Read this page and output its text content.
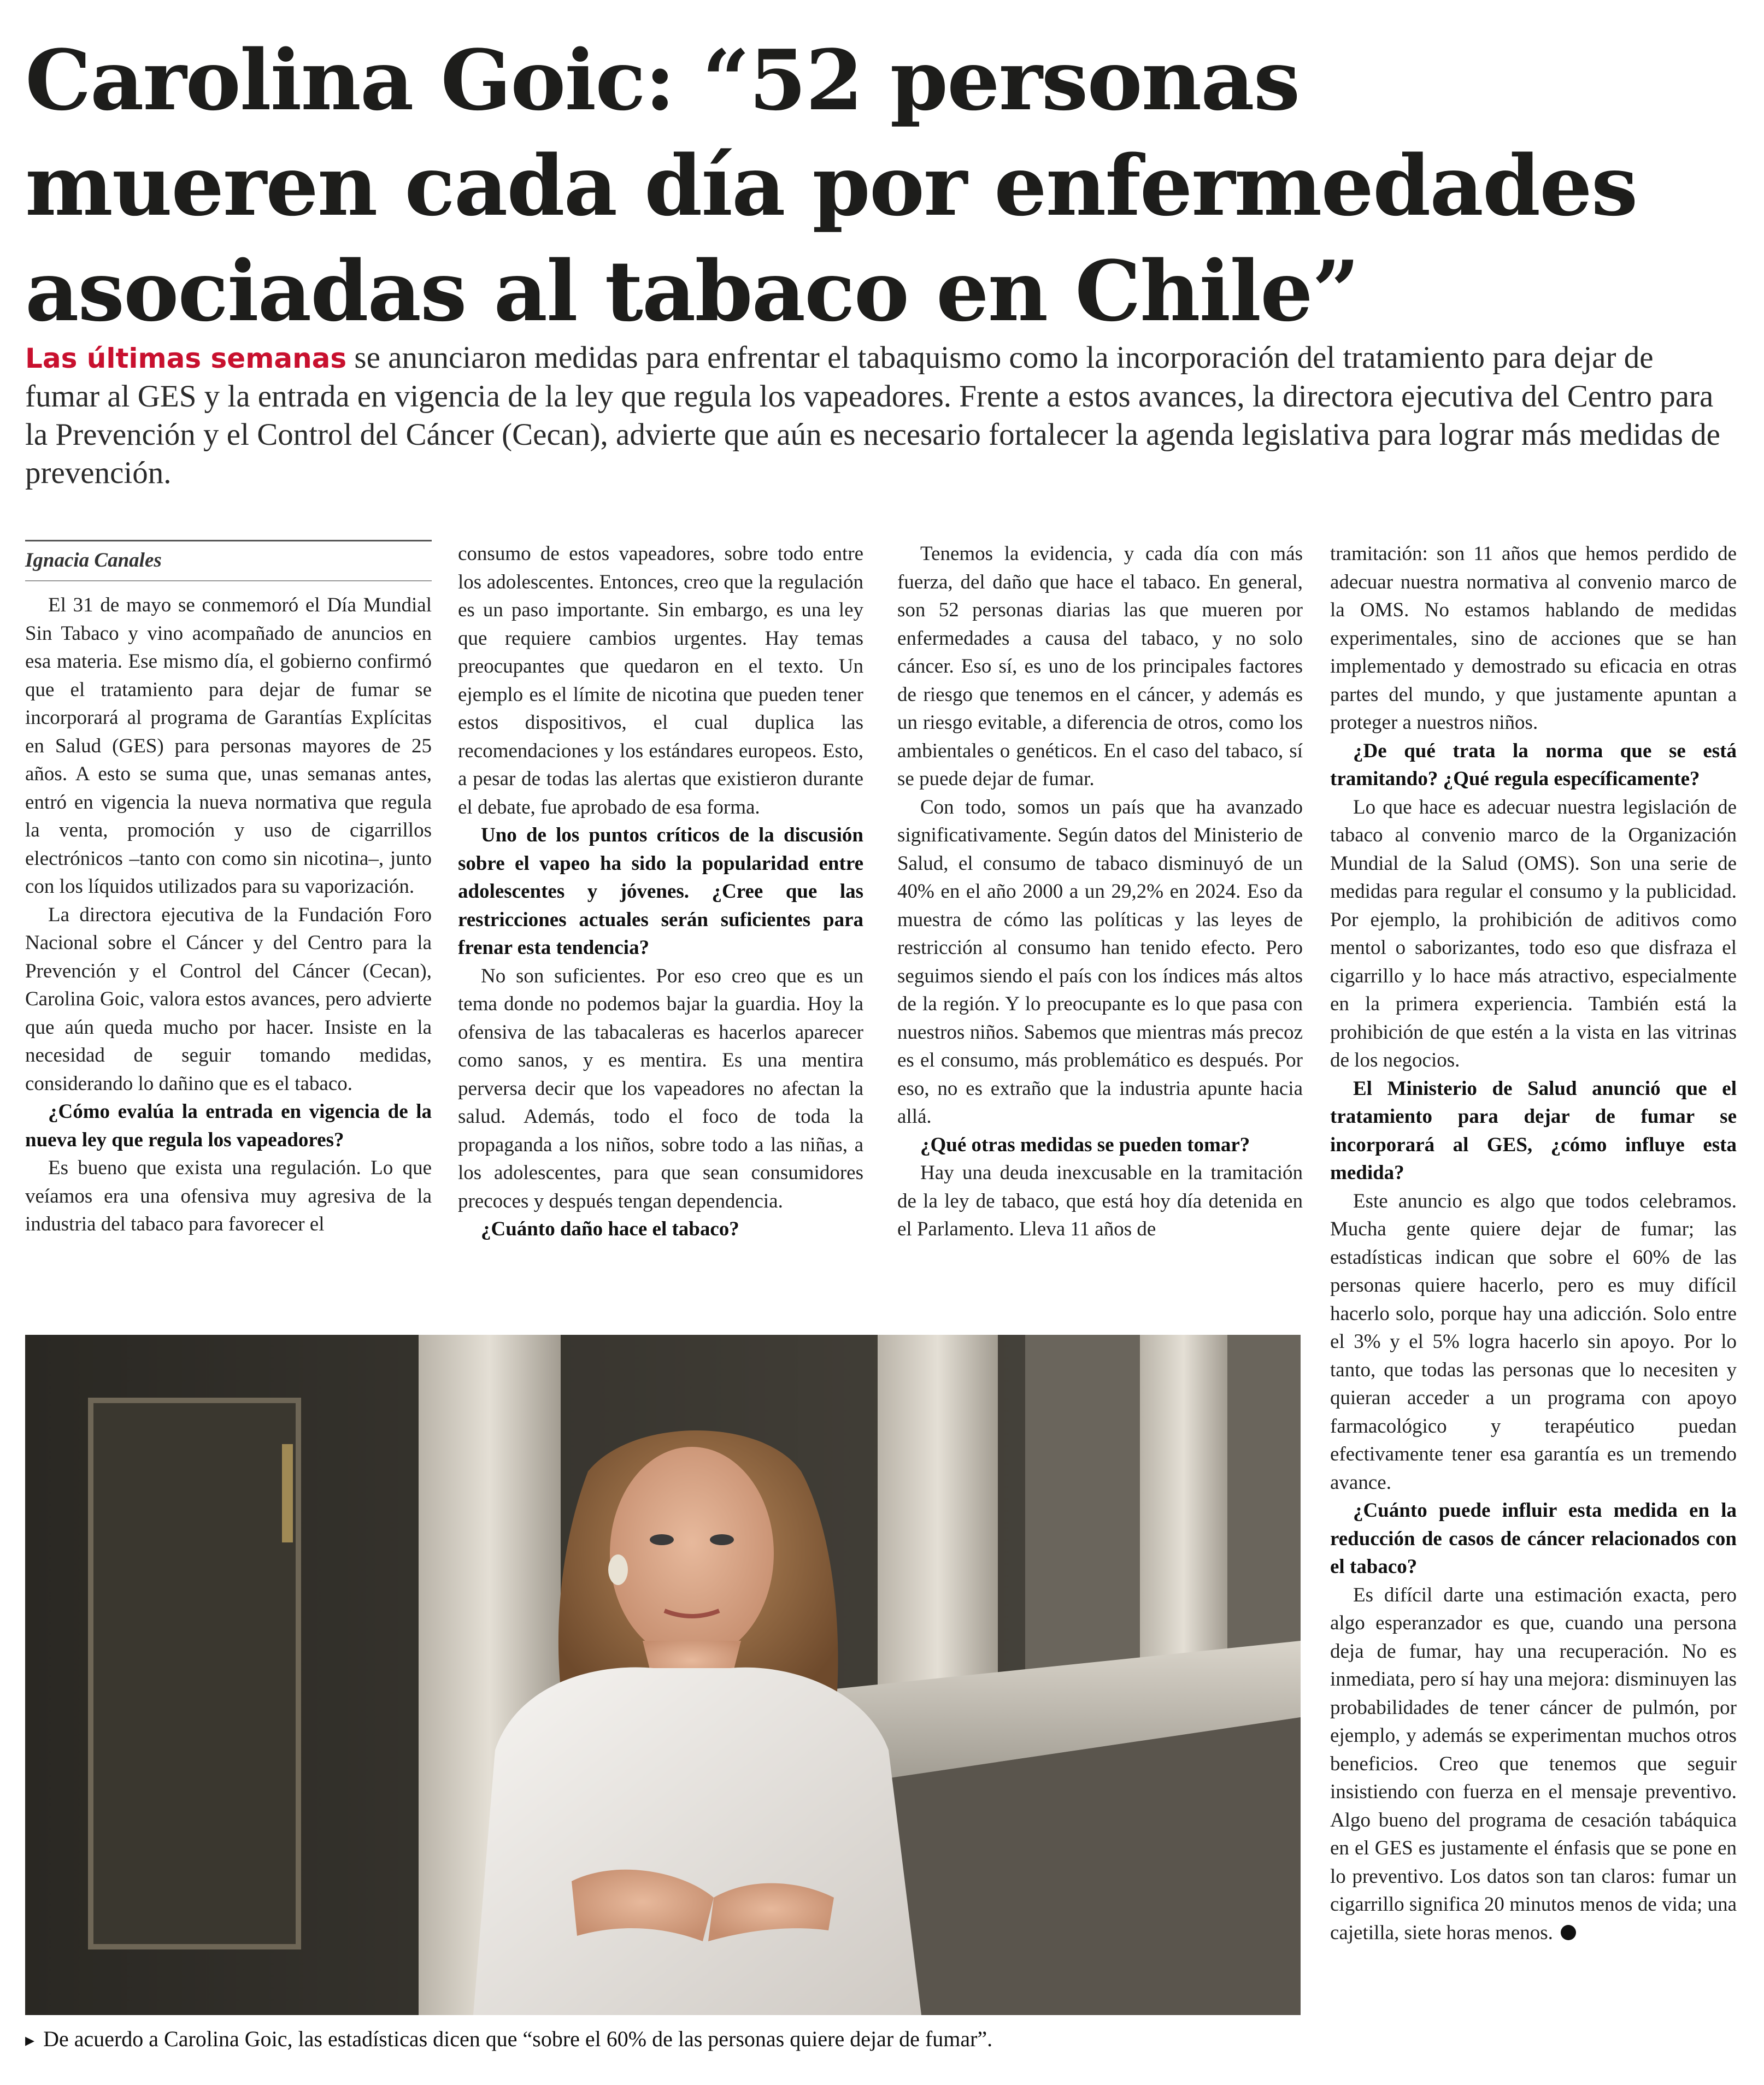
Carolina Goic: “52 personas
mueren cada día por enfermedades
asociadas al tabaco en Chile”

Las últimas semanas se anunciaron medidas para enfrentar el tabaquismo como la incorporación del tratamiento para dejar de fumar al GES y la entrada en vigencia de la ley que regula los vapeadores. Frente a estos avances, la directora ejecutiva del Centro para la Prevención y el Control del Cáncer (Cecan), advierte que aún es necesario fortalecer la agenda legislativa para lograr más medidas de prevención.

Ignacia Canales

El 31 de mayo se conmemoró el Día Mundial Sin Tabaco y vino acompañado de anuncios en esa materia. Ese mismo día, el gobierno confirmó que el tratamiento para dejar de fumar se incorporará al programa de Garantías Explícitas en Salud (GES) para personas mayores de 25 años. A esto se suma que, unas semanas antes, entró en vigencia la nueva normativa que regula la venta, promoción y uso de cigarrillos electrónicos –tanto con como sin nicotina–, junto con los líquidos utilizados para su vaporización.

La directora ejecutiva de la Fundación Foro Nacional sobre el Cáncer y del Centro para la Prevención y el Control del Cáncer (Cecan), Carolina Goic, valora estos avances, pero advierte que aún queda mucho por hacer. Insiste en la necesidad de seguir tomando medidas, considerando lo dañino que es el tabaco.

¿Cómo evalúa la entrada en vigencia de la nueva ley que regula los vapeadores?

Es bueno que exista una regulación. Lo que veíamos era una ofensiva muy agresiva de la industria del tabaco para favorecer el

consumo de estos vapeadores, sobre todo entre los adolescentes. Entonces, creo que la regulación es un paso importante. Sin embargo, es una ley que requiere cambios urgentes. Hay temas preocupantes que quedaron en el texto. Un ejemplo es el límite de nicotina que pueden tener estos dispositivos, el cual duplica las recomendaciones y los estándares europeos. Esto, a pesar de todas las alertas que existieron durante el debate, fue aprobado de esa forma.

Uno de los puntos críticos de la discusión sobre el vapeo ha sido la popularidad entre adolescentes y jóvenes. ¿Cree que las restricciones actuales serán suficientes para frenar esta tendencia?

No son suficientes. Por eso creo que es un tema donde no podemos bajar la guardia. Hoy la ofensiva de las tabacaleras es hacerlos aparecer como sanos, y es mentira. Es una mentira perversa decir que los vapeadores no afectan la salud. Además, todo el foco de toda la propaganda a los niños, sobre todo a las niñas, a los adolescentes, para que sean consumidores precoces y después tengan dependencia.

¿Cuánto daño hace el tabaco?

Tenemos la evidencia, y cada día con más fuerza, del daño que hace el tabaco. En general, son 52 personas diarias las que mueren por enfermedades a causa del tabaco, y no solo cáncer. Eso sí, es uno de los principales factores de riesgo que tenemos en el cáncer, y además es un riesgo evitable, a diferencia de otros, como los ambientales o genéticos. En el caso del tabaco, sí se puede dejar de fumar.

Con todo, somos un país que ha avanzado significativamente. Según datos del Ministerio de Salud, el consumo de tabaco disminuyó de un 40% en el año 2000 a un 29,2% en 2024. Eso da muestra de cómo las políticas y las leyes de restricción al consumo han tenido efecto. Pero seguimos siendo el país con los índices más altos de la región. Y lo preocupante es lo que pasa con nuestros niños. Sabemos que mientras más precoz es el consumo, más problemático es después. Por eso, no es extraño que la industria apunte hacia allá.

¿Qué otras medidas se pueden tomar?

Hay una deuda inexcusable en la tramitación de la ley de tabaco, que está hoy día detenida en el Parlamento. Lleva 11 años de

tramitación: son 11 años que hemos perdido de adecuar nuestra normativa al convenio marco de la OMS. No estamos hablando de medidas experimentales, sino de acciones que se han implementado y demostrado su eficacia en otras partes del mundo, y que justamente apuntan a proteger a nuestros niños.

¿De qué trata la norma que se está tramitando? ¿Qué regula específicamente?

Lo que hace es adecuar nuestra legislación de tabaco al convenio marco de la Organización Mundial de la Salud (OMS). Son una serie de medidas para regular el consumo y la publicidad. Por ejemplo, la prohibición de aditivos como mentol o saborizantes, todo eso que disfraza el cigarrillo y lo hace más atractivo, especialmente en la primera experiencia. También está la prohibición de que estén a la vista en las vitrinas de los negocios.

El Ministerio de Salud anunció que el tratamiento para dejar de fumar se incorporará al GES, ¿cómo influye esta medida?

Este anuncio es algo que todos celebramos. Mucha gente quiere dejar de fumar; las estadísticas indican que sobre el 60% de las personas quiere hacerlo, pero es muy difícil hacerlo solo, porque hay una adicción. Solo entre el 3% y el 5% logra hacerlo sin apoyo. Por lo tanto, que todas las personas que lo necesiten y quieran acceder a un programa con apoyo farmacológico y terapéutico puedan efectivamente tener esa garantía es un tremendo avance.

¿Cuánto puede influir esta medida en la reducción de casos de cáncer relacionados con el tabaco?

Es difícil darte una estimación exacta, pero algo esperanzador es que, cuando una persona deja de fumar, hay una recuperación. No es inmediata, pero sí hay una mejora: disminuyen las probabilidades de tener cáncer de pulmón, por ejemplo, y además se experimentan muchos otros beneficios. Creo que tenemos que seguir insistiendo con fuerza en el mensaje preventivo. Algo bueno del programa de cesación tabáquica en el GES es justamente el énfasis que se pone en lo preventivo. Los datos son tan claros: fumar un cigarrillo significa 20 minutos menos de vida; una cajetilla, siete horas menos.

▸ De acuerdo a Carolina Goic, las estadísticas dicen que “sobre el 60% de las personas quiere dejar de fumar”.
